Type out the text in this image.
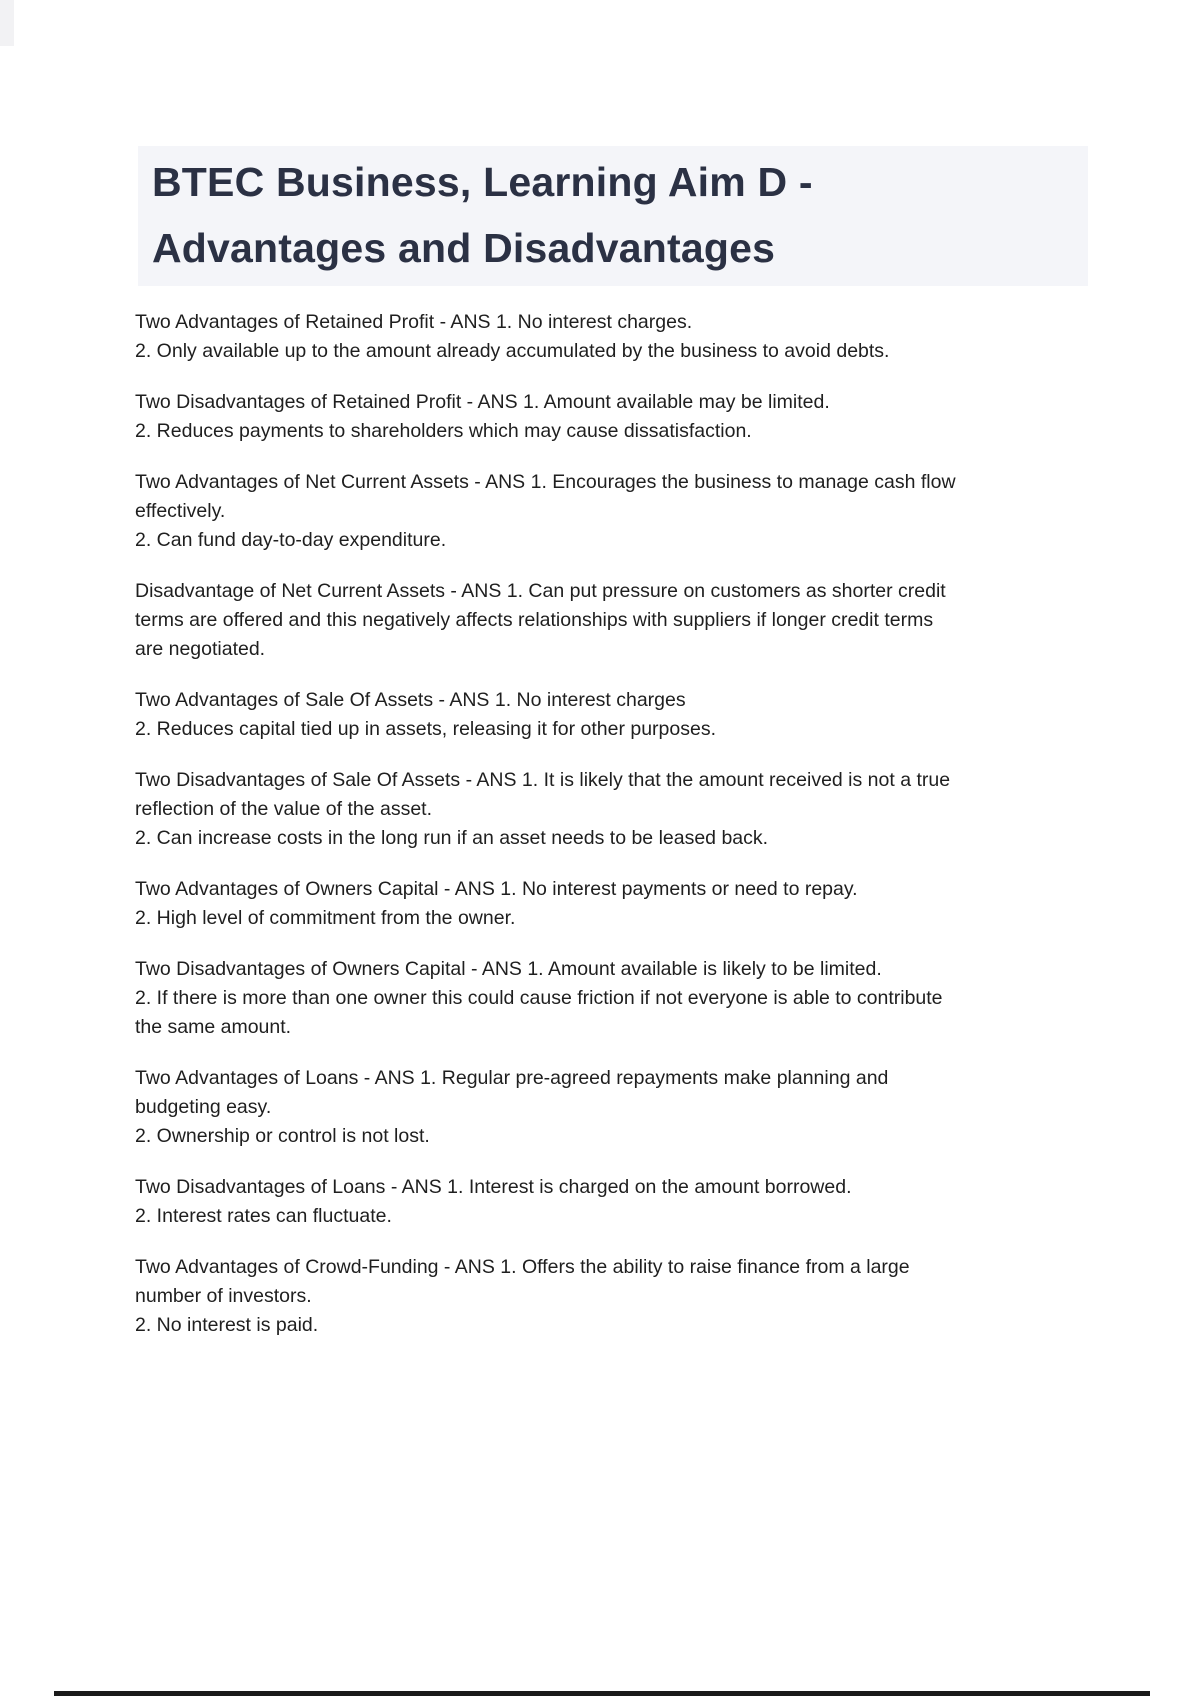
BTEC Business, Learning Aim D -
Advantages and Disadvantages
Two Advantages of Retained Profit - ANS 1. No interest charges.
2. Only available up to the amount already accumulated by the business to avoid debts.
Two Disadvantages of Retained Profit - ANS 1. Amount available may be limited.
2. Reduces payments to shareholders which may cause dissatisfaction.
Two Advantages of Net Current Assets - ANS 1. Encourages the business to manage cash flow
effectively.
2. Can fund day-to-day expenditure.
Disadvantage of Net Current Assets - ANS 1. Can put pressure on customers as shorter credit
terms are offered and this negatively affects relationships with suppliers if longer credit terms
are negotiated.
Two Advantages of Sale Of Assets - ANS 1. No interest charges
2. Reduces capital tied up in assets, releasing it for other purposes.
Two Disadvantages of Sale Of Assets - ANS 1. It is likely that the amount received is not a true
reflection of the value of the asset.
2. Can increase costs in the long run if an asset needs to be leased back.
Two Advantages of Owners Capital - ANS 1. No interest payments or need to repay.
2. High level of commitment from the owner.
Two Disadvantages of Owners Capital - ANS 1. Amount available is likely to be limited.
2. If there is more than one owner this could cause friction if not everyone is able to contribute
the same amount.
Two Advantages of Loans - ANS 1. Regular pre-agreed repayments make planning and
budgeting easy.
2. Ownership or control is not lost.
Two Disadvantages of Loans - ANS 1. Interest is charged on the amount borrowed.
2. Interest rates can fluctuate.
Two Advantages of Crowd-Funding - ANS 1. Offers the ability to raise finance from a large
number of investors.
2. No interest is paid.
